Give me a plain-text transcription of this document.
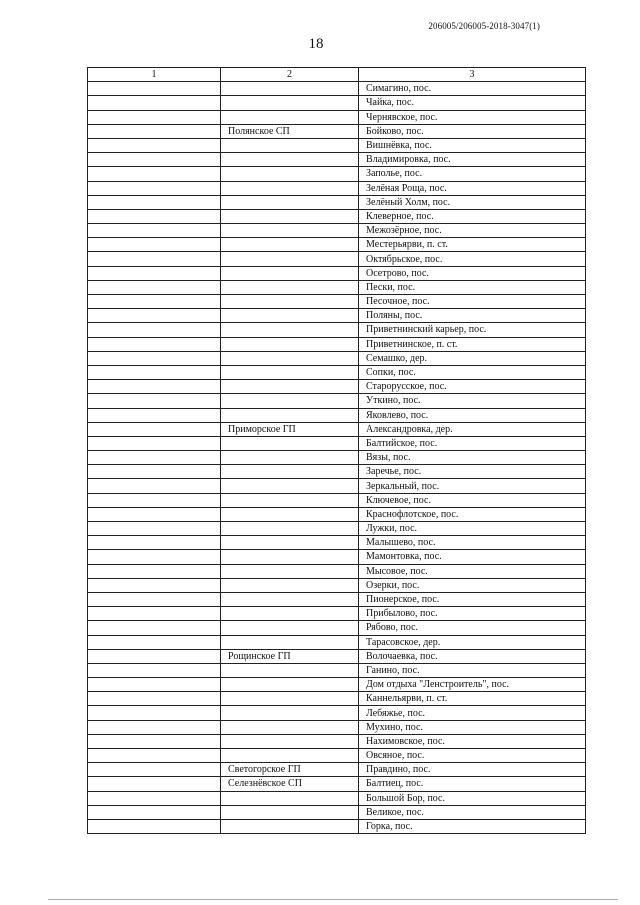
206005/206005-2018-3047(1)
18
1	2	3
		Симагино, пос.
		Чайка, пос.
		Чернявское, пос.
	Полянское СП	Бойково, пос.
		Вишнёвка, пос.
		Владимировка, пос.
		Заполье, пос.
		Зелёная Роща, пос.
		Зелёный Холм, пос.
		Клеверное, пос.
		Межозёрное, пос.
		Местерьярви, п. ст.
		Октябрьское, пос.
		Осетрово, пос.
		Пески, пос.
		Песочное, пос.
		Поляны, пос.
		Приветнинский карьер, пос.
		Приветнинское, п. ст.
		Семашко, дер.
		Сопки, пос.
		Старорусское, пос.
		Уткино, пос.
		Яковлево, пос.
	Приморское ГП	Александровка, дер.
		Балтийское, пос.
		Вязы, пос.
		Заречье, пос.
		Зеркальный, пос.
		Ключевое, пос.
		Краснофлотское, пос.
		Лужки, пос.
		Малышево, пос.
		Мамонтовка, пос.
		Мысовое, пос.
		Озерки, пос.
		Пионерское, пос.
		Прибылово, пос.
		Рябово, пос.
		Тарасовское, дер.
	Рощинское ГП	Волочаевка, пос.
		Ганино, пос.
		Дом отдыха "Ленстроитель", пос.
		Каннельярви, п. ст.
		Лебяжье, пос.
		Мухино, пос.
		Нахимовское, пос.
		Овсяное, пос.
	Светогорское ГП	Правдино, пос.
	Селезнёвское СП	Балтиец, пос.
		Большой Бор, пос.
		Великое, пос.
		Горка, пос.
